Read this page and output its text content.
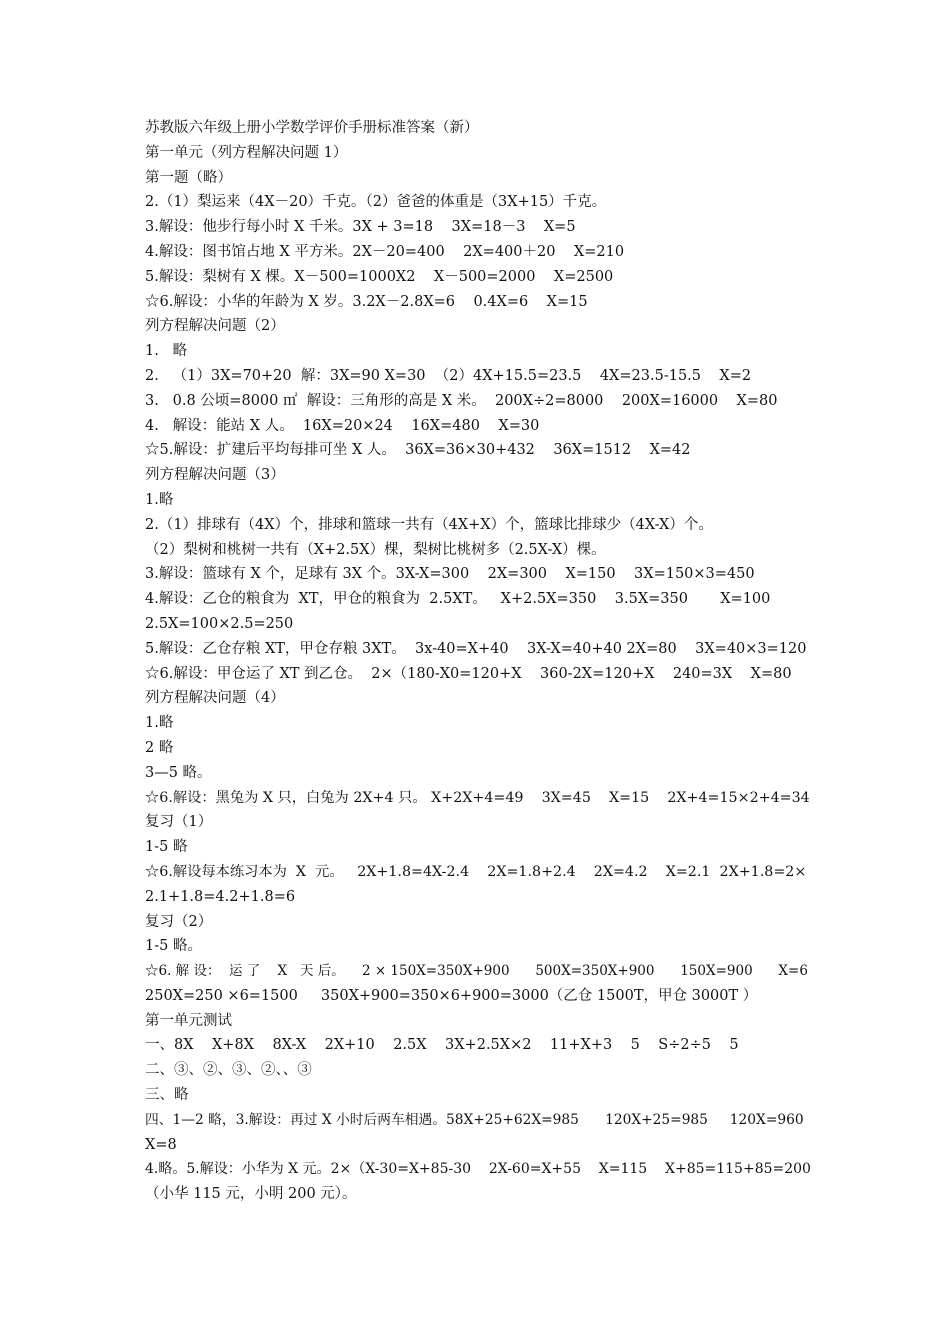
苏教版六年级上册小学数学评价手册标准答案（新）
第一单元（列方程解决问题 1）
第一题（略）
2.（1）梨运来（4X－20）千克。（2）爸爸的体重是（3X+15）千克。
3.解设：他步行每小时 X 千米。3X + 3=18    3X=18－3    X=5
4.解设：图书馆占地 X 平方米。2X－20=400    2X=400＋20    X=210
5.解设：梨树有 X 棵。X－500=1000X2    X－500=2000    X=2500
☆6.解设：小华的年龄为 X 岁。3.2X－2.8X=6    0.4X=6    X=15
列方程解决问题（2）
1.   略
2.   （1）3X=70+20  解：3X=90 X=30  （2）4X+15.5=23.5    4X=23.5-15.5    X=2
3.   0.8 公顷=8000 ㎡  解设：三角形的高是 X 米。  200X÷2=8000    200X=16000    X=80
4.   解设：能站 X 人。  16X=20×24    16X=480    X=30
☆5.解设：扩建后平均每排可坐 X 人。  36X=36×30+432    36X=1512    X=42
列方程解决问题（3）
1.略
2.（1）排球有（4X）个，排球和篮球一共有（4X+X）个，篮球比排球少（4X-X）个。
（2）梨树和桃树一共有（X+2.5X）棵，梨树比桃树多（2.5X-X）棵。
3.解设：篮球有 X 个，足球有 3X 个。3X-X=300    2X=300    X=150    3X=150×3=450
4.解设：乙仓的粮食为  XT，甲仓的粮食为  2.5XT。   X+2.5X=350    3.5X=350       X=100
2.5X=100×2.5=250
5.解设：乙仓存粮 XT，甲仓存粮 3XT。  3x-40=X+40    3X-X=40+40 2X=80    3X=40×3=120
☆6.解设：甲仓运了 XT 到乙仓。  2×（180-X0=120+X    360-2X=120+X    240=3X    X=80
列方程解决问题（4）
1.略
2 略
3—5 略。
☆6.解设：黑兔为 X 只，白兔为 2X+4 只。 X+2X+4=49    3X=45    X=15    2X+4=15×2+4=34
复习（1）
1-5 略
☆6.解设每本练习本为  X  元。   2X+1.8=4X-2.4    2X=1.8+2.4    2X=4.2    X=2.1  2X+1.8=2×
2.1+1.8=4.2+1.8=6
复习（2）
1-5 略。
☆6. 解 设：  运 了    X   天 后。    2 × 150X=350X+900      500X=350X+900      150X=900      X=6
250X=250 ×6=1500     350X+900=350×6+900=3000（乙仓 1500T，甲仓 3000T ）
第一单元测试
一、8X    X+8X    8X-X    2X+10    2.5X    3X+2.5X×2    11+X+3    5    S÷2÷5    5
二、③、②、③、②、、③
三、略
四、1—2 略，3.解设：再过 X 小时后两车相遇。58X+25+62X=985      120X+25=985     120X=960
X=8
4.略。5.解设：小华为 X 元。2×（X-30=X+85-30    2X-60=X+55    X=115    X+85=115+85=200
（小华 115 元，小明 200 元）。
